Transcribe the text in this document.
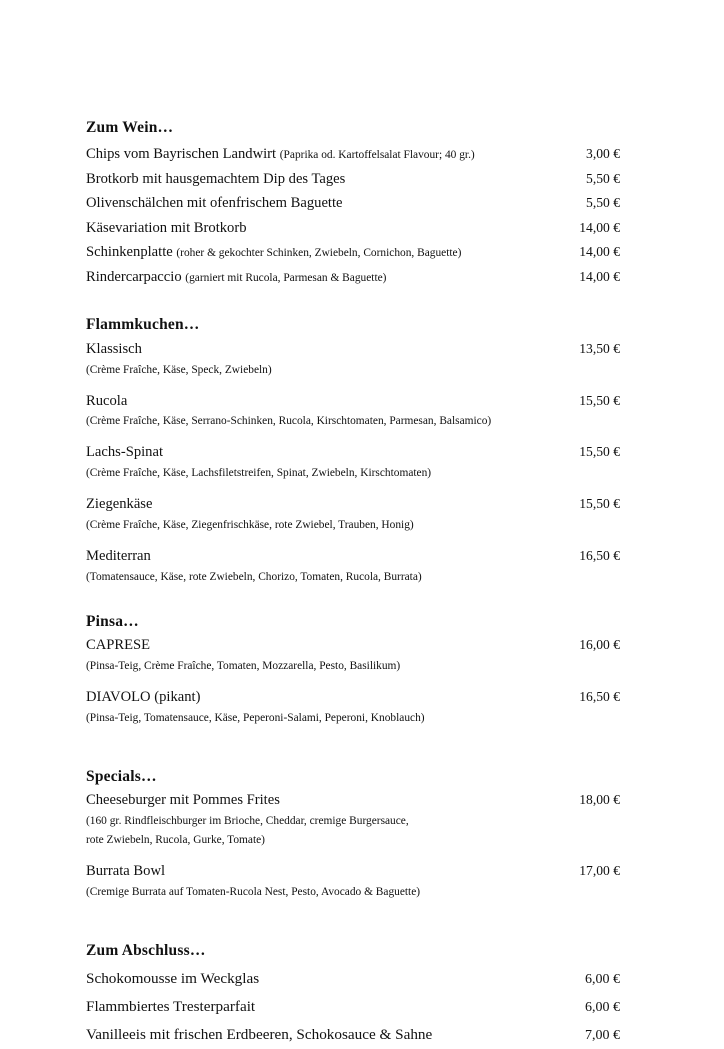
Zum Wein…
Chips vom Bayrischen Landwirt (Paprika od. Kartoffelsalat Flavour; 40 gr.)	3,00 €
Brotkorb mit hausgemachtem Dip des Tages	5,50 €
Olivenschälchen mit ofenfrischem Baguette	5,50 €
Käsevariation mit Brotkorb	14,00 €
Schinkenplatte (roher & gekochter Schinken, Zwiebeln, Cornichon, Baguette)	14,00 €
Rindercarpaccio (garniert mit Rucola, Parmesan & Baguette)	14,00 €
Flammkuchen…
Klassisch	13,50 €
(Crème Fraîche, Käse, Speck, Zwiebeln)
Rucola	15,50 €
(Crème Fraîche, Käse, Serrano-Schinken, Rucola, Kirschtomaten, Parmesan, Balsamico)
Lachs-Spinat	15,50 €
(Crème Fraîche, Käse, Lachsfiletstreifen, Spinat, Zwiebeln, Kirschtomaten)
Ziegenkäse	15,50 €
(Crème Fraîche, Käse, Ziegenfrischkäse, rote Zwiebel, Trauben, Honig)
Mediterran	16,50 €
(Tomatensauce, Käse, rote Zwiebeln, Chorizo, Tomaten, Rucola, Burrata)
Pinsa…
CAPRESE	16,00 €
(Pinsa-Teig, Crème Fraîche, Tomaten, Mozzarella, Pesto, Basilikum)
DIAVOLO (pikant)	16,50 €
(Pinsa-Teig, Tomatensauce, Käse, Peperoni-Salami, Peperoni, Knoblauch)
Specials…
Cheeseburger mit Pommes Frites	18,00 €
(160 gr. Rindfleischburger im Brioche, Cheddar, cremige Burgersauce,
rote Zwiebeln, Rucola, Gurke, Tomate)
Burrata Bowl	17,00 €
(Cremige Burrata auf Tomaten-Rucola Nest, Pesto, Avocado & Baguette)
Zum Abschluss…
Schokomousse im Weckglas	6,00 €
Flammbiertes Tresterparfait	6,00 €
Vanilleeis mit frischen Erdbeeren, Schokosauce & Sahne	7,00 €
